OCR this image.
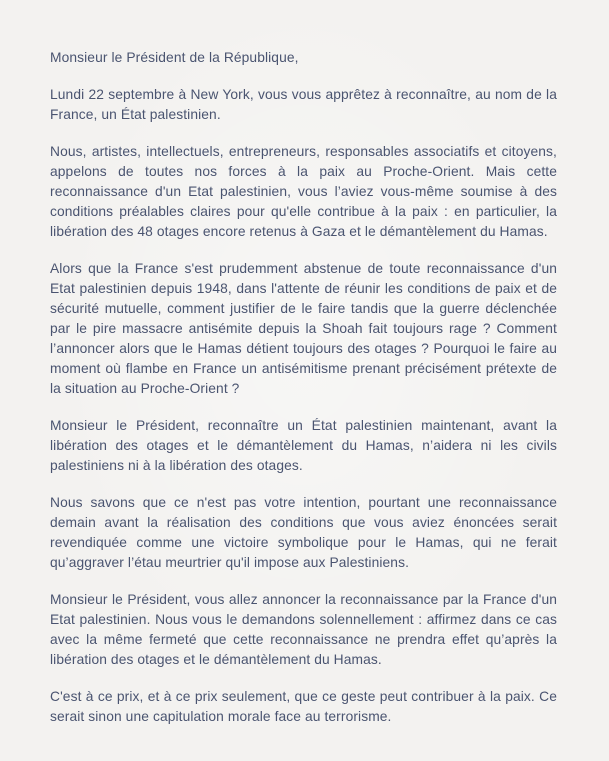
Monsieur le Président de la République,

Lundi 22 septembre à New York, vous vous apprêtez à reconnaître, au nom de la France, un État palestinien.

Nous, artistes, intellectuels, entrepreneurs, responsables associatifs et citoyens, appelons de toutes nos forces à la paix au Proche-Orient. Mais cette reconnaissance d'un Etat palestinien, vous l’aviez vous-même soumise à des conditions préalables claires pour qu'elle contribue à la paix : en particulier, la libération des 48 otages encore retenus à Gaza et le démantèlement du Hamas.

Alors que la France s'est prudemment abstenue de toute reconnaissance d'un Etat palestinien depuis 1948, dans l'attente de réunir les conditions de paix et de sécurité mutuelle, comment justifier de le faire tandis que la guerre déclenchée par le pire massacre antisémite depuis la Shoah fait toujours rage ? Comment l’annoncer alors que le Hamas détient toujours des otages ? Pourquoi le faire au moment où flambe en France un antisémitisme prenant précisément prétexte de la situation au Proche-Orient ?

Monsieur le Président, reconnaître un État palestinien maintenant, avant la libération des otages et le démantèlement du Hamas, n’aidera ni les civils palestiniens ni à la libération des otages.

Nous savons que ce n'est pas votre intention, pourtant une reconnaissance demain avant la réalisation des conditions que vous aviez énoncées serait revendiquée comme une victoire symbolique pour le Hamas, qui ne ferait qu’aggraver l’étau meurtrier qu'il impose aux Palestiniens.

Monsieur le Président, vous allez annoncer la reconnaissance par la France d'un Etat palestinien. Nous vous le demandons solennellement : affirmez dans ce cas avec la même fermeté que cette reconnaissance ne prendra effet qu’après la libération des otages et le démantèlement du Hamas.

C'est à ce prix, et à ce prix seulement, que ce geste peut contribuer à la paix. Ce serait sinon une capitulation morale face au terrorisme.
